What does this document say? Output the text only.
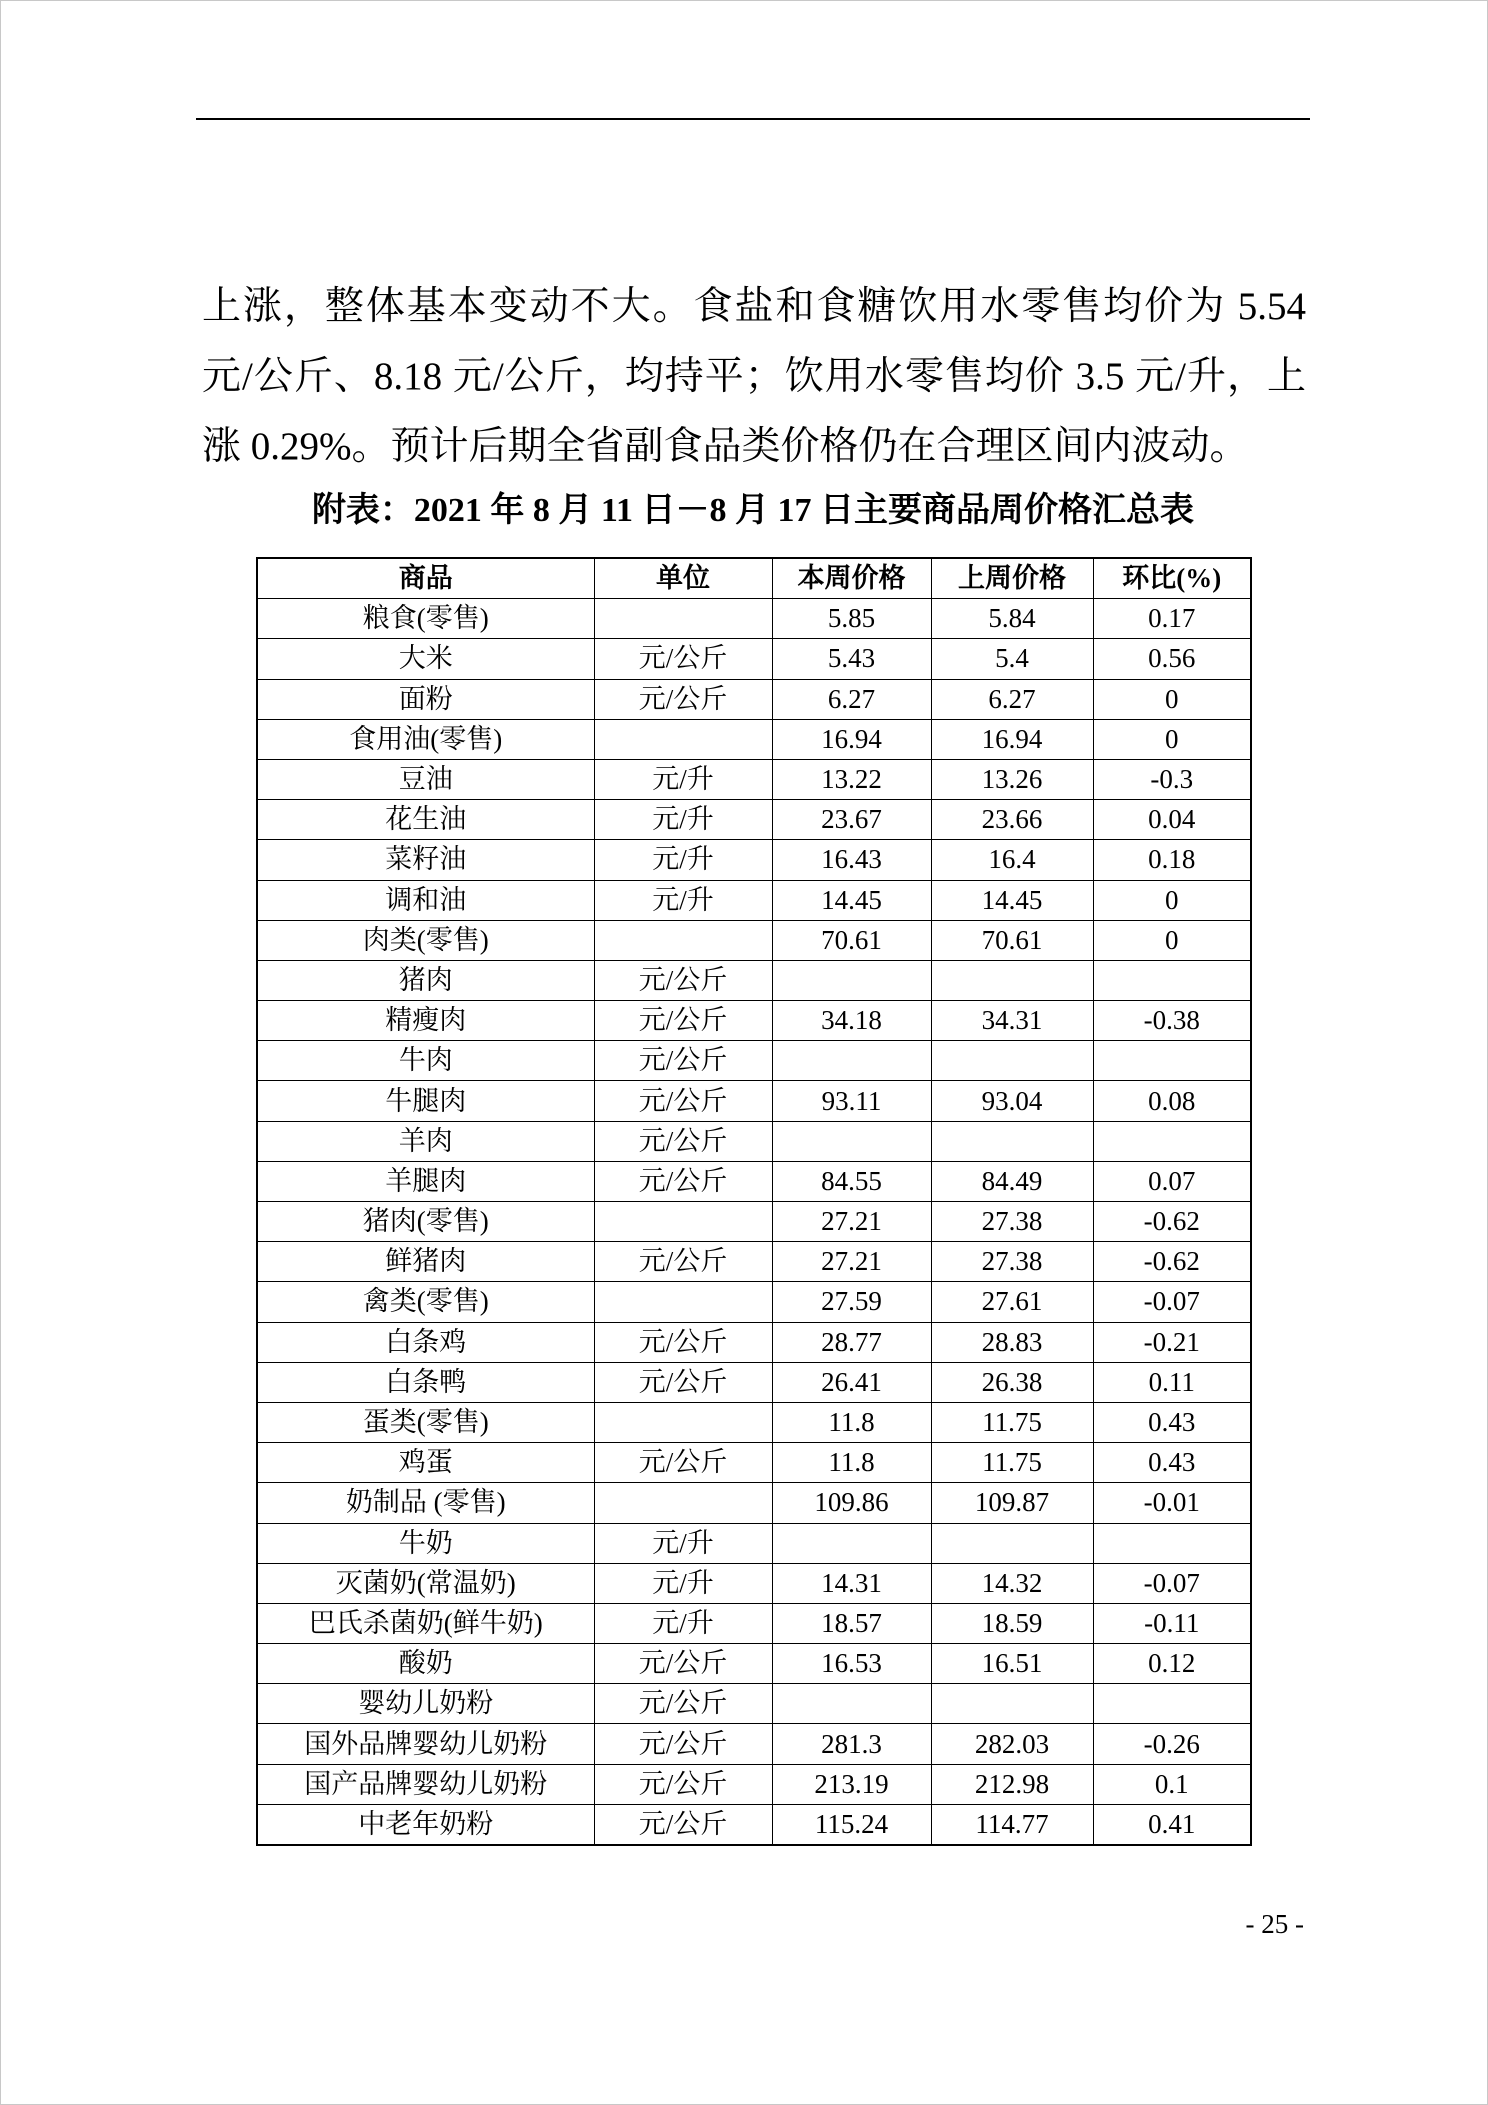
上涨，整体基本变动不大。食盐和食糖饮用水零售均价为 5.54
元/公斤、8.18 元/公斤，均持平；饮用水零售均价 3.5 元/升，上
涨 0.29%。预计后期全省副食品类价格仍在合理区间内波动。
附表：2021 年 8 月 11 日－8 月 17 日主要商品周价格汇总表
商品	单位	本周价格	上周价格	环比(%)
粮食(零售)		5.85	5.84	0.17
大米	元/公斤	5.43	5.4	0.56
面粉	元/公斤	6.27	6.27	0
食用油(零售)		16.94	16.94	0
豆油	元/升	13.22	13.26	-0.3
花生油	元/升	23.67	23.66	0.04
菜籽油	元/升	16.43	16.4	0.18
调和油	元/升	14.45	14.45	0
肉类(零售)		70.61	70.61	0
猪肉	元/公斤			
精瘦肉	元/公斤	34.18	34.31	-0.38
牛肉	元/公斤			
牛腿肉	元/公斤	93.11	93.04	0.08
羊肉	元/公斤			
羊腿肉	元/公斤	84.55	84.49	0.07
猪肉(零售)		27.21	27.38	-0.62
鲜猪肉	元/公斤	27.21	27.38	-0.62
禽类(零售)		27.59	27.61	-0.07
白条鸡	元/公斤	28.77	28.83	-0.21
白条鸭	元/公斤	26.41	26.38	0.11
蛋类(零售)		11.8	11.75	0.43
鸡蛋	元/公斤	11.8	11.75	0.43
奶制品 (零售)		109.86	109.87	-0.01
牛奶	元/升			
灭菌奶(常温奶)	元/升	14.31	14.32	-0.07
巴氏杀菌奶(鲜牛奶)	元/升	18.57	18.59	-0.11
酸奶	元/公斤	16.53	16.51	0.12
婴幼儿奶粉	元/公斤			
国外品牌婴幼儿奶粉	元/公斤	281.3	282.03	-0.26
国产品牌婴幼儿奶粉	元/公斤	213.19	212.98	0.1
中老年奶粉	元/公斤	115.24	114.77	0.41
- 25 -
